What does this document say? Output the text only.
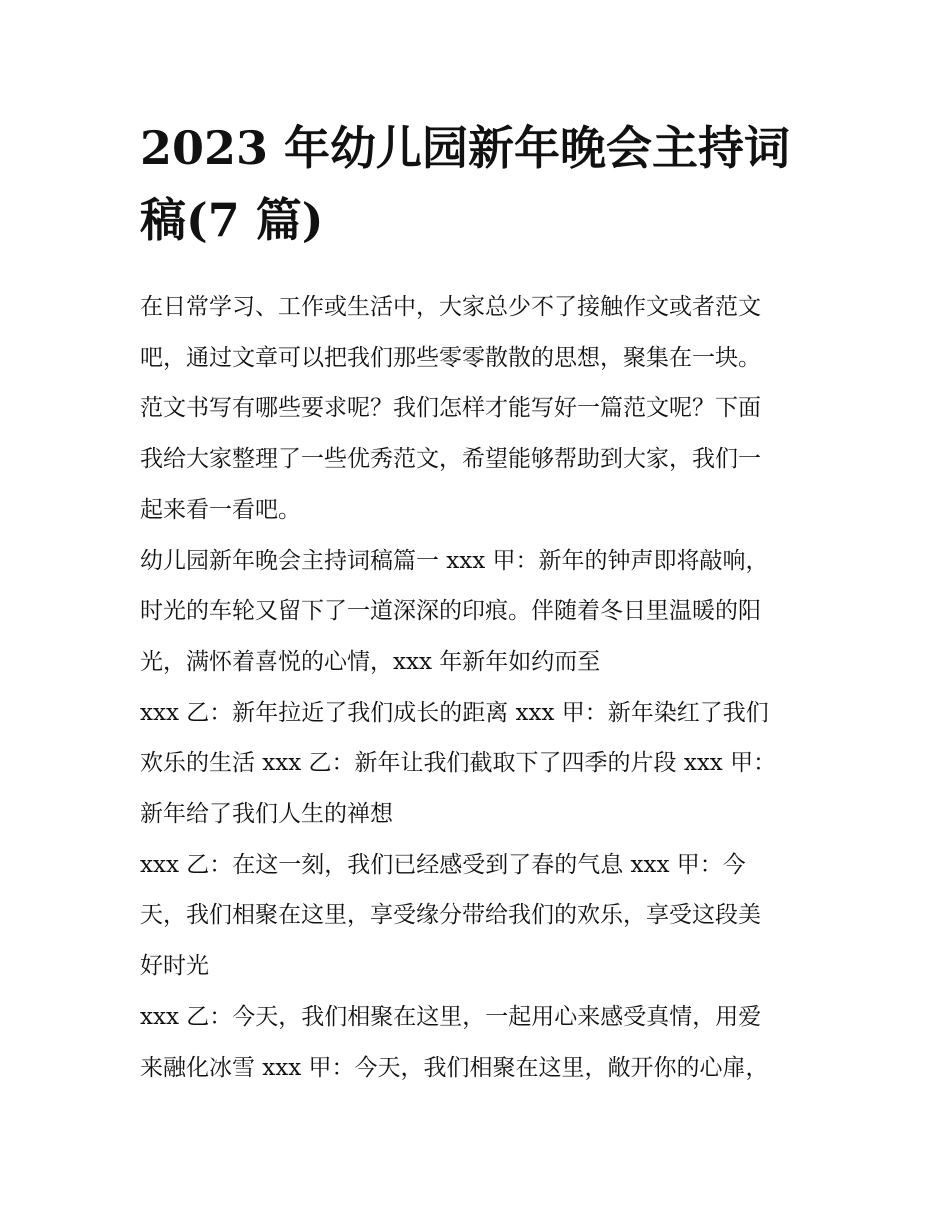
2023 年幼儿园新年晚会主持词
稿(7 篇)
在日常学习、工作或生活中，大家总少不了接触作文或者范文
吧，通过文章可以把我们那些零零散散的思想，聚集在一块。
范文书写有哪些要求呢？我们怎样才能写好一篇范文呢？下面
我给大家整理了一些优秀范文，希望能够帮助到大家，我们一
起来看一看吧。
幼儿园新年晚会主持词稿篇一 xxx 甲：新年的钟声即将敲响，
时光的车轮又留下了一道深深的印痕。伴随着冬日里温暖的阳
光，满怀着喜悦的心情，xxx 年新年如约而至
xxx 乙：新年拉近了我们成长的距离 xxx 甲：新年染红了我们
欢乐的生活 xxx 乙：新年让我们截取下了四季的片段 xxx 甲：
新年给了我们人生的禅想
xxx 乙：在这一刻，我们已经感受到了春的气息 xxx 甲：今
天，我们相聚在这里，享受缘分带给我们的欢乐，享受这段美
好时光
xxx 乙：今天，我们相聚在这里，一起用心来感受真情，用爱
来融化冰雪 xxx 甲：今天，我们相聚在这里，敞开你的心扉，
